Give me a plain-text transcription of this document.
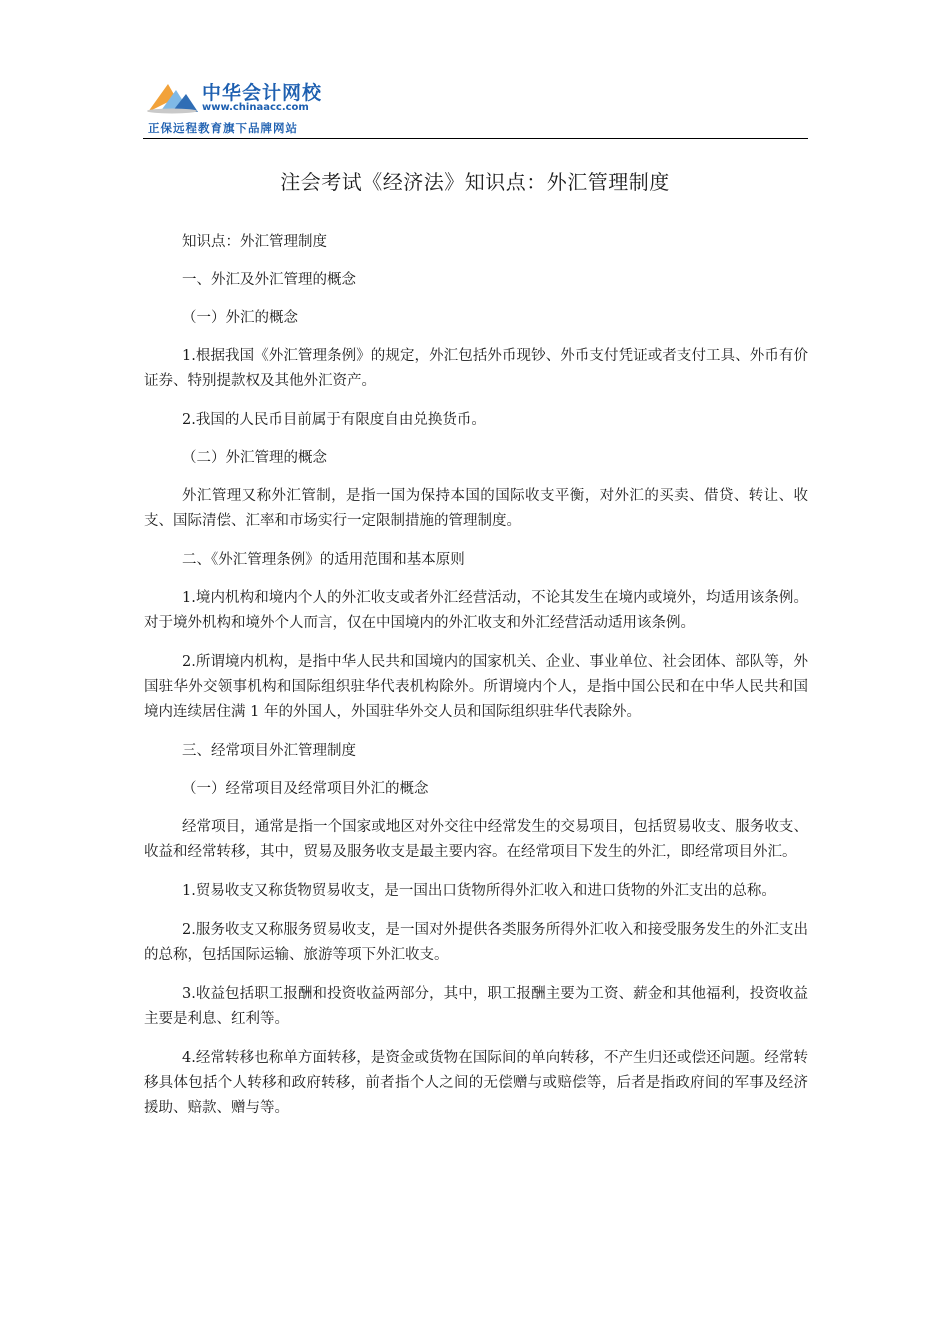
中华会计网校
www.chinaacc.com
正保远程教育旗下品牌网站
注会考试《经济法》知识点：外汇管理制度

知识点：外汇管理制度

一、外汇及外汇管理的概念

（一）外汇的概念

1.根据我国《外汇管理条例》的规定，外汇包括外币现钞、外币支付凭证或者支付工具、外币有价证券、特别提款权及其他外汇资产。

2.我国的人民币目前属于有限度自由兑换货币。

（二）外汇管理的概念

外汇管理又称外汇管制，是指一国为保持本国的国际收支平衡，对外汇的买卖、借贷、转让、收支、国际清偿、汇率和市场实行一定限制措施的管理制度。

二、《外汇管理条例》的适用范围和基本原则

1.境内机构和境内个人的外汇收支或者外汇经营活动，不论其发生在境内或境外，均适用该条例。对于境外机构和境外个人而言，仅在中国境内的外汇收支和外汇经营活动适用该条例。

2.所谓境内机构，是指中华人民共和国境内的国家机关、企业、事业单位、社会团体、部队等，外国驻华外交领事机构和国际组织驻华代表机构除外。所谓境内个人，是指中国公民和在中华人民共和国境内连续居住满 1 年的外国人，外国驻华外交人员和国际组织驻华代表除外。

三、经常项目外汇管理制度

（一）经常项目及经常项目外汇的概念

经常项目，通常是指一个国家或地区对外交往中经常发生的交易项目，包括贸易收支、服务收支、收益和经常转移，其中，贸易及服务收支是最主要内容。在经常项目下发生的外汇，即经常项目外汇。

1.贸易收支又称货物贸易收支，是一国出口货物所得外汇收入和进口货物的外汇支出的总称。

2.服务收支又称服务贸易收支，是一国对外提供各类服务所得外汇收入和接受服务发生的外汇支出的总称，包括国际运输、旅游等项下外汇收支。

3.收益包括职工报酬和投资收益两部分，其中，职工报酬主要为工资、薪金和其他福利，投资收益主要是利息、红利等。

4.经常转移也称单方面转移，是资金或货物在国际间的单向转移，不产生归还或偿还问题。经常转移具体包括个人转移和政府转移，前者指个人之间的无偿赠与或赔偿等，后者是指政府间的军事及经济援助、赔款、赠与等。
